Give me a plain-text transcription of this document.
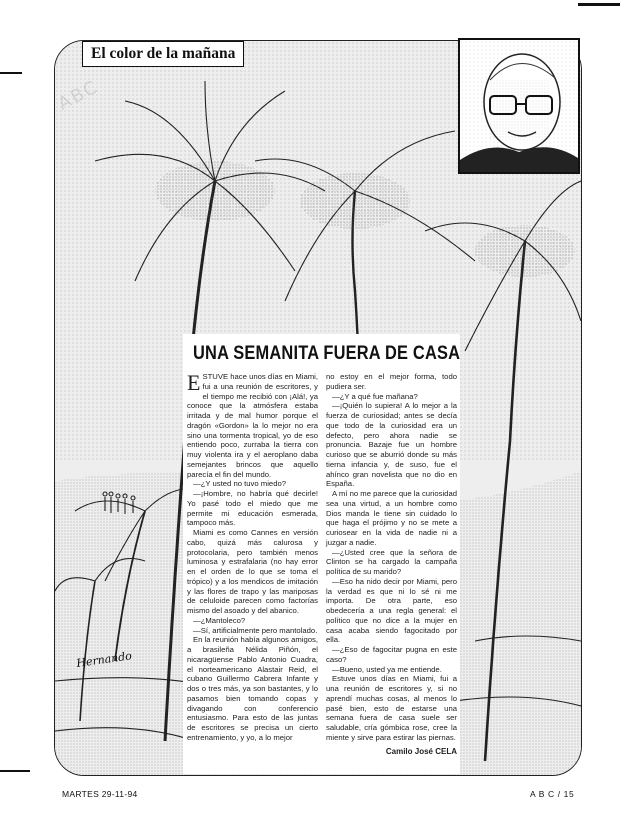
Hernando
ABC
El color de la mañana
UNA SEMANITA FUERA DE CASA

ESTUVE hace unos días en Miami, fui a una reunión de escritores, y el tiempo me recibió con ¡Alá!, ya conoce que la atmósfera estaba irritada y de mal humor porque el dragón «Gordon» la lo mejor no era sino una tormenta tropical, yo de eso entiendo poco, zurraba la tierra con muy violenta ira y el aeroplano daba semejantes brincos que aquello parecía el fin del mundo.

—¿Y usted no tuvo miedo?

—¡Hombre, no habría qué decirle! Yo pasé todo el miedo que me permite mi educación esmerada, tampoco más.

Miami es como Cannes en versión cabo, quizá más calurosa y protocolaria, pero también menos luminosa y estrafalaria (no hay error en el orden de lo que se toma el trópico) y a los mendicos de imitación y las flores de trapo y las mariposas de celuloide parecen como factorías mismo del asoado y del abanico.

—¿Mantoleco?

—Sí, artificialmente pero mantolado.

En la reunión había algunos amigos, a brasileña Nélida Piñón, el nicaragüense Pablo Antonio Cuadra, el norteamericano Alastair Reid, el cubano Guillermo Cabrera Infante y dos o tres más, ya son bastantes, y lo pasamos bien tomando copas y divagando con conferencio entusiasmo. Para esto de las juntas de escritores se precisa un cierto entrenamiento, y yo, a lo mejor

no estoy en el mejor forma, todo pudiera ser.

—¿Y a qué fue mañana?

—¡Quién lo supiera! A lo mejor a la fuerza de curiosidad; antes se decía que todo de la curiosidad era un defecto, pero ahora nadie se pronuncia. Bazaje fue un hombre curioso que se aburrió donde su más tierna infancia y, de suso, fue el ahínco gran novelista que no dio en España.

A mí no me parece que la curiosidad sea una virtud, a un hombre como Dios manda le tiene sin cuidado lo que haga el prójimo y no se mete a curiosear en la vida de nadie ni a juzgar a nadie.

—¿Usted cree que la señora de Clinton se ha cargado la campaña política de su marido?

—Eso ha nido decir por Miami, pero la verdad es que ni lo sé ni me importa. De otra parte, eso obedecería a una regla general: el político que no dice a la mujer en casa acaba siendo fagocitado por ella.

—¿Eso de fagocitar pugna en este caso?

—Bueno, usted ya me entiende.

Estuve unos días en Miami, fui a una reunión de escritores y, si no aprendí muchas cosas, al menos lo pasé bien, esto de estarse una semana fuera de casa suele ser saludable, cría gómbica rose, cree la miente y sirve para estirar las piernas.

Camilo José CELA
MARTES 29-11-94	A B C / 15
